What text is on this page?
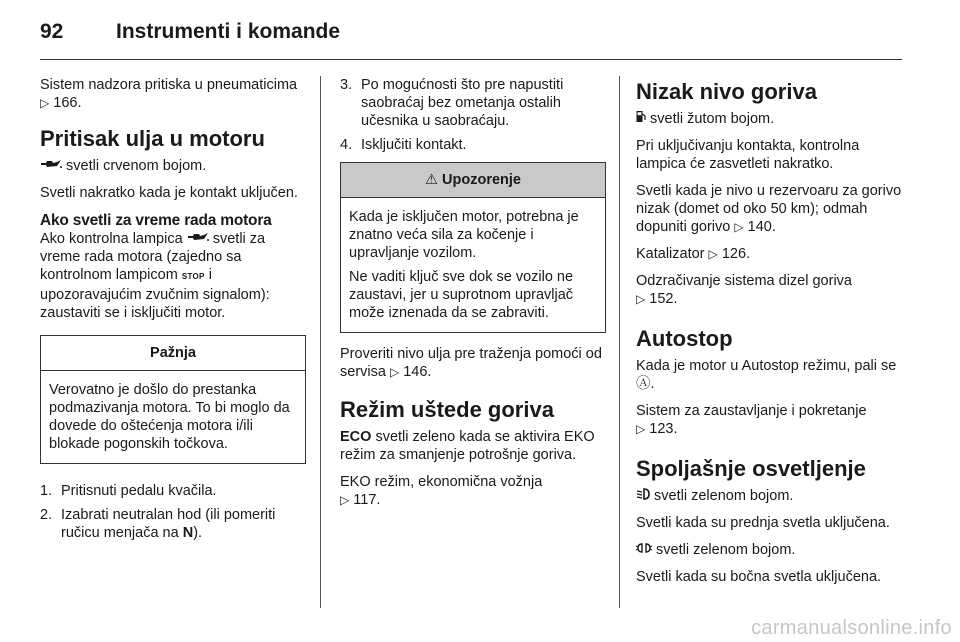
92	Instrumenti i komande

Sistem nadzora pritiska u pneumaticima ▷ 166.

Pritisak ulja u motoru

svetli crvenom bojom.

Svetli nakratko kada je kontakt uključen.

Ako svetli za vreme rada motora

Ako kontrolna lampica svetli za vreme rada motora (zajedno sa kontrolnom lampicom STOP i upozoravajućim zvučnim signalom): zaustaviti se i isključiti motor.

Pažnja

Verovatno je došlo do prestanka podmazivanja motora. To bi moglo da dovede do oštećenja motora i/ili blokade pogonskih točkova.

1. Pritisnuti pedalu kvačila.
2. Izabrati neutralan hod (ili pomeriti ručicu menjača na N).
3. Po mogućnosti što pre napustiti saobraćaj bez ometanja ostalih učesnika u saobraćaju.
4. Isključiti kontakt.
⚠ Upozorenje

Kada je isključen motor, potrebna je znatno veća sila za kočenje i upravljanje vozilom.

Ne vaditi ključ sve dok se vozilo ne zaustavi, jer u suprotnom upravljač može iznenada da se zabraviti.

Proveriti nivo ulja pre traženja pomoći od servisa ▷ 146.

Režim uštede goriva

ECO svetli zeleno kada se aktivira EKO režim za smanjenje potrošnje goriva.

EKO režim, ekonomična vožnja
▷ 117.

Nizak nivo goriva

svetli žutom bojom.

Pri uključivanju kontakta, kontrolna lampica će zasvetleti nakratko.

Svetli kada je nivo u rezervoaru za gorivo nizak (domet od oko 50 km); odmah dopuniti gorivo ▷ 140.

Katalizator ▷ 126.

Odzračivanje sistema dizel goriva
▷ 152.

Autostop

Kada je motor u Autostop režimu, pali se Ⓐ.

Sistem za zaustavljanje i pokretanje
▷ 123.

Spoljašnje osvetljenje

svetli zelenom bojom.

Svetli kada su prednja svetla uključena.

svetli zelenom bojom.

Svetli kada su bočna svetla uključena.

carmanualsonline.info
